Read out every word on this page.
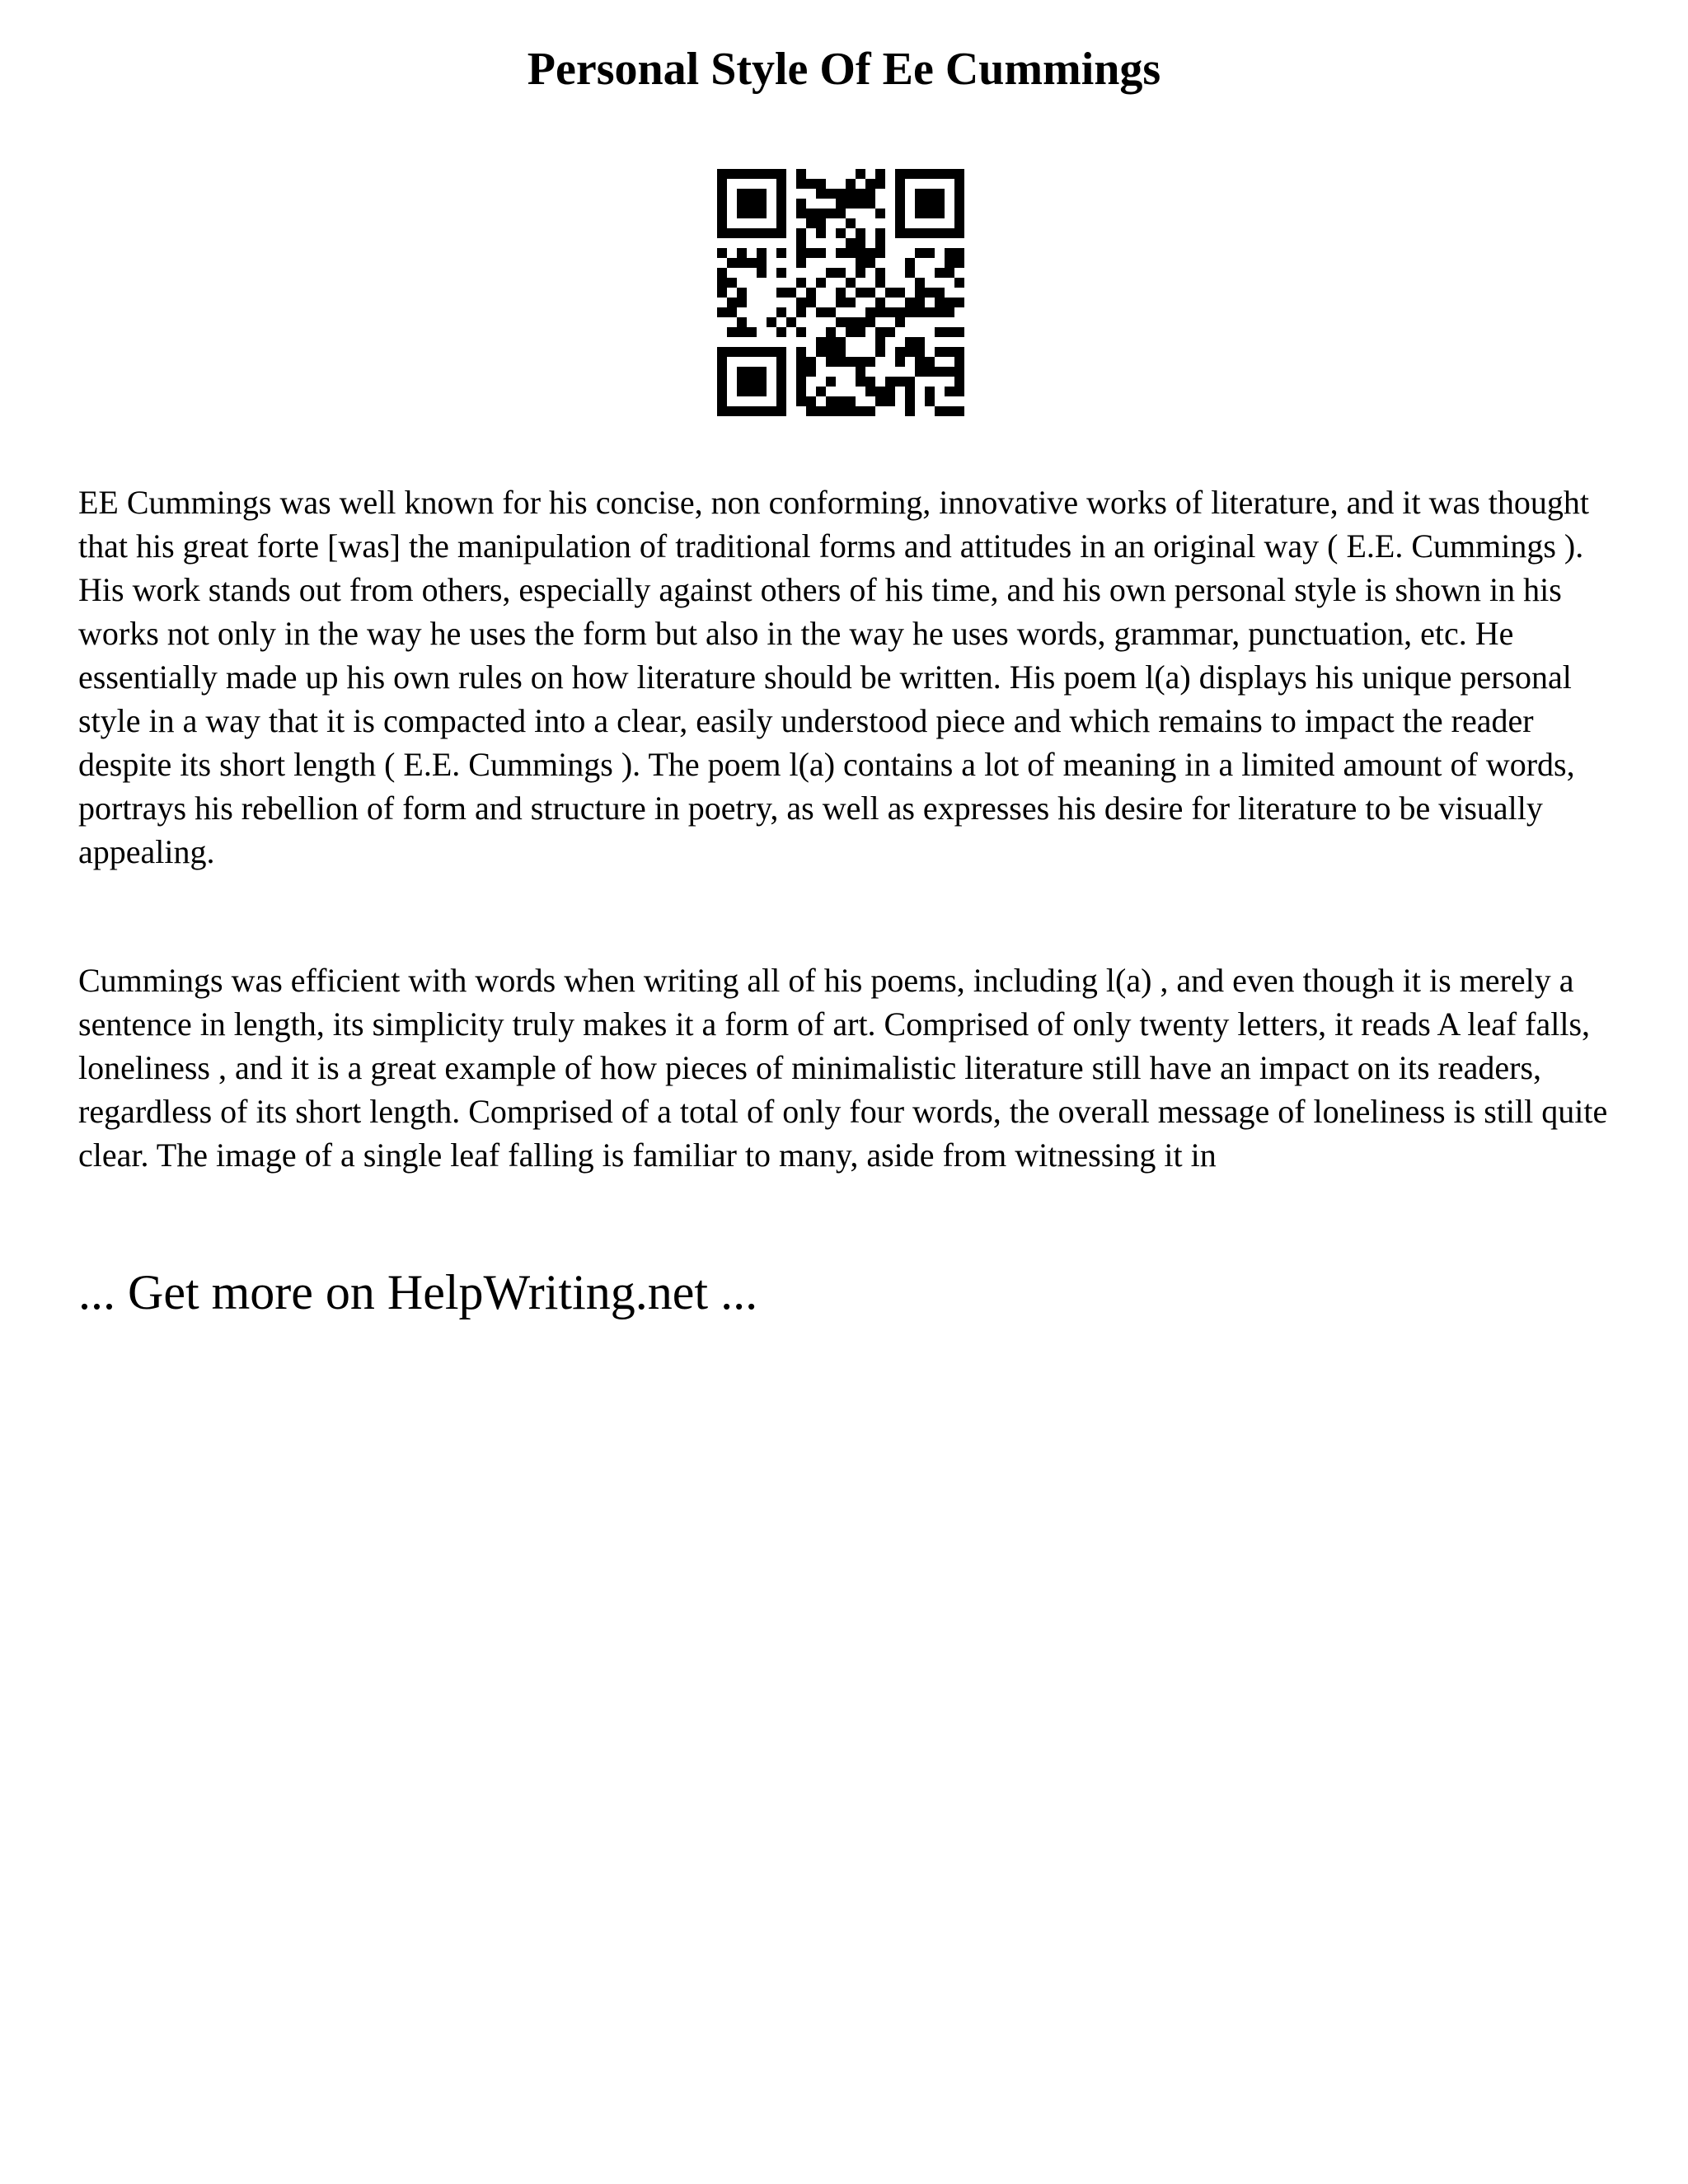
Personal Style Of Ee Cummings

EE Cummings was well known for his concise, non conforming, innovative works of literature, and it was thought that his great forte [was] the manipulation of traditional forms and attitudes in an original way ( E.E. Cummings ). His work stands out from others, especially against others of his time, and his own personal style is shown in his works not only in the way he uses the form but also in the way he uses words, grammar, punctuation, etc. He essentially made up his own rules on how literature should be written. His poem l(a) displays his unique personal style in a way that it is compacted into a clear, easily understood piece and which remains to impact the reader despite its short length ( E.E. Cummings ). The poem l(a) contains a lot of meaning in a limited amount of words, portrays his rebellion of form and structure in poetry, as well as expresses his desire for literature to be visually appealing.

Cummings was efficient with words when writing all of his poems, including l(a) , and even though it is merely a sentence in length, its simplicity truly makes it a form of art. Comprised of only twenty letters, it reads A leaf falls, loneliness , and it is a great example of how pieces of minimalistic literature still have an impact on its readers, regardless of its short length. Comprised of a total of only four words, the overall message of loneliness is still quite clear. The image of a single leaf falling is familiar to many, aside from witnessing it in

... Get more on HelpWriting.net ...
